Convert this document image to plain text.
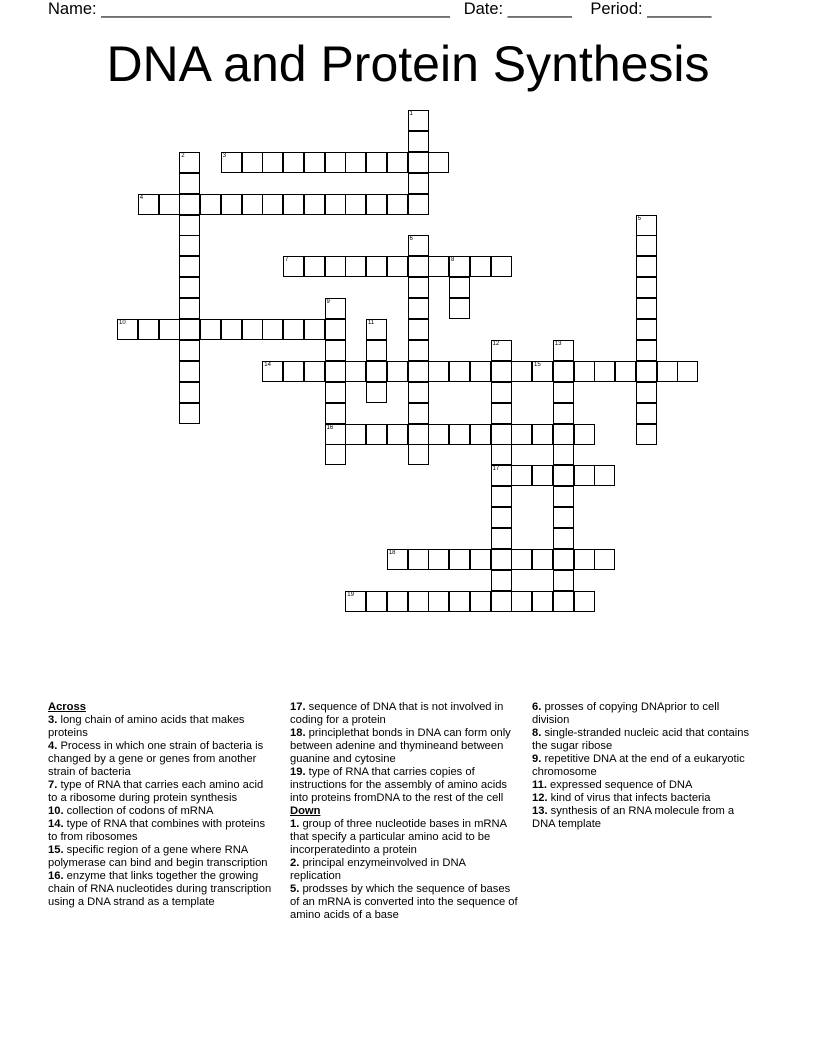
Name: ______________________________________ Date: _______ Period: _______
DNA and Protein Synthesis
1
2	3
4
5
6
7	8
9
16
10	11
12
17
13
14	15
18
19
Across
3. long chain of amino acids that makes proteins
4. Process in which one strain of bacteria is changed by a gene or genes from another strain of bacteria
7. type of RNA that carries each amino acid to a ribosome during protein synthesis
10. collection of codons of mRNA
14. type of RNA that combines with proteins to from ribosomes
15. specific region of a gene where RNA polymerase can bind and begin transcription
16. enzyme that links together the growing chain of RNA nucleotides during transcription using a DNA strand as a template
17. sequence of DNA that is not involved in coding for a protein
18. principlethat bonds in DNA can form only between adenine and thymineand between guanine and cytosine
19. type of RNA that carries copies of instructions for the assembly of amino acids into proteins fromDNA to the rest of the cell
Down
1. group of three nucleotide bases in mRNA that specify a particular amino acid to be incorperatedinto a protein
2. principal enzymeinvolved in DNA replication
5. prodsses by which the sequence of bases of an mRNA is converted into the sequence of amino acids of a base
6. prosses of copying DNAprior to cell division
8. single-stranded nucleic acid that contains the sugar ribose
9. repetitive DNA at the end of a eukaryotic chromosome
11. expressed sequence of DNA
12. kind of virus that infects bacteria
13. synthesis of an RNA molecule from a DNA template
